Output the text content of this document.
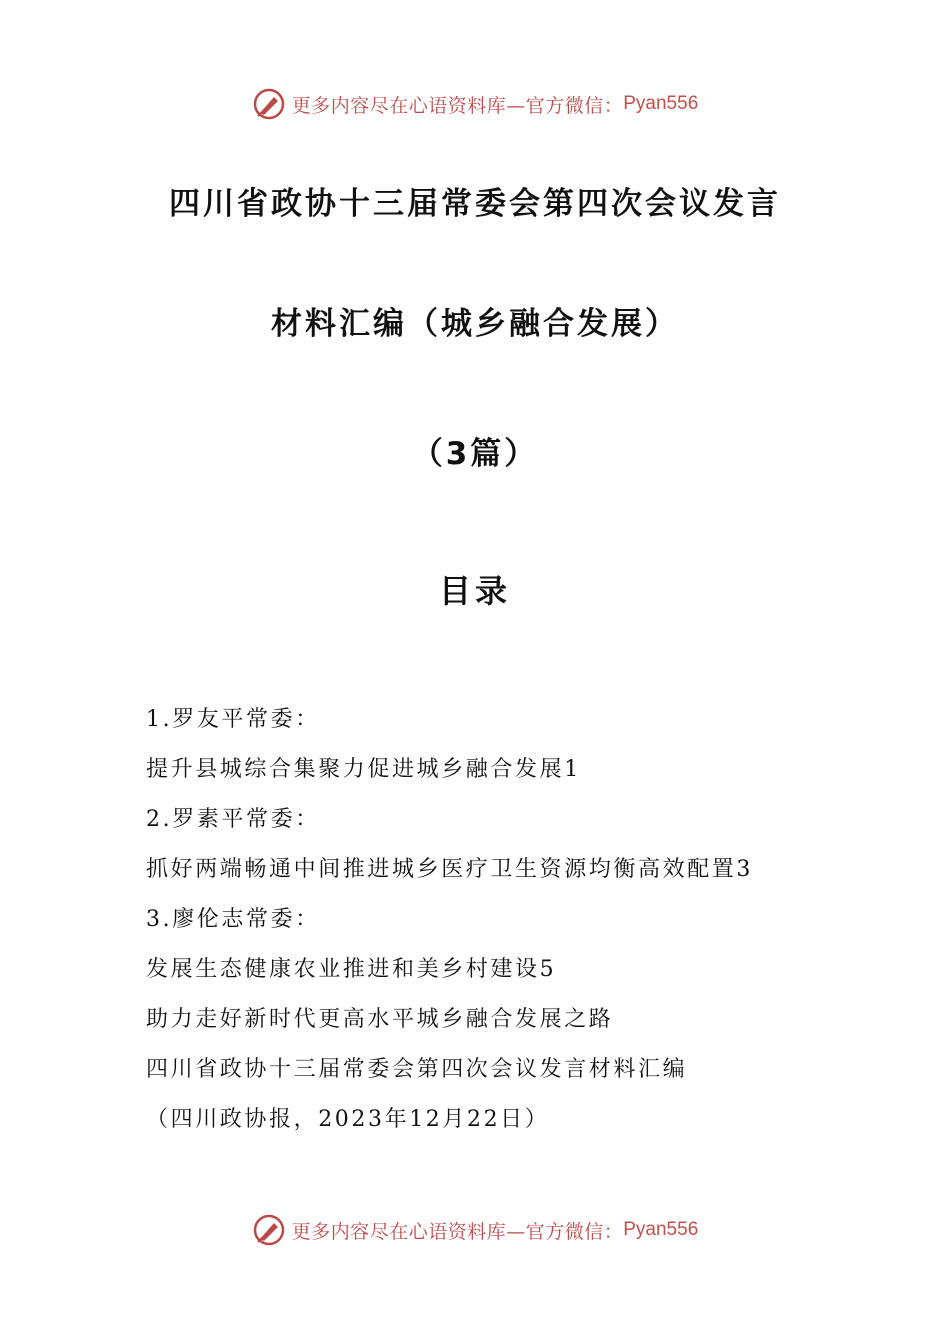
更多内容尽在心语资料库—官方微信： Pyan556
四川省政协十三届常委会第四次会议发言
材料汇编（城乡融合发展）
（3篇）
目录
1.罗友平常委：
提升县城综合集聚力促进城乡融合发展1
2.罗素平常委：
抓好两端畅通中间推进城乡医疗卫生资源均衡高效配置3
3.廖伦志常委：
发展生态健康农业推进和美乡村建设5
助力走好新时代更高水平城乡融合发展之路
四川省政协十三届常委会第四次会议发言材料汇编
（四川政协报，2023年12月22日）
更多内容尽在心语资料库—官方微信： Pyan556
